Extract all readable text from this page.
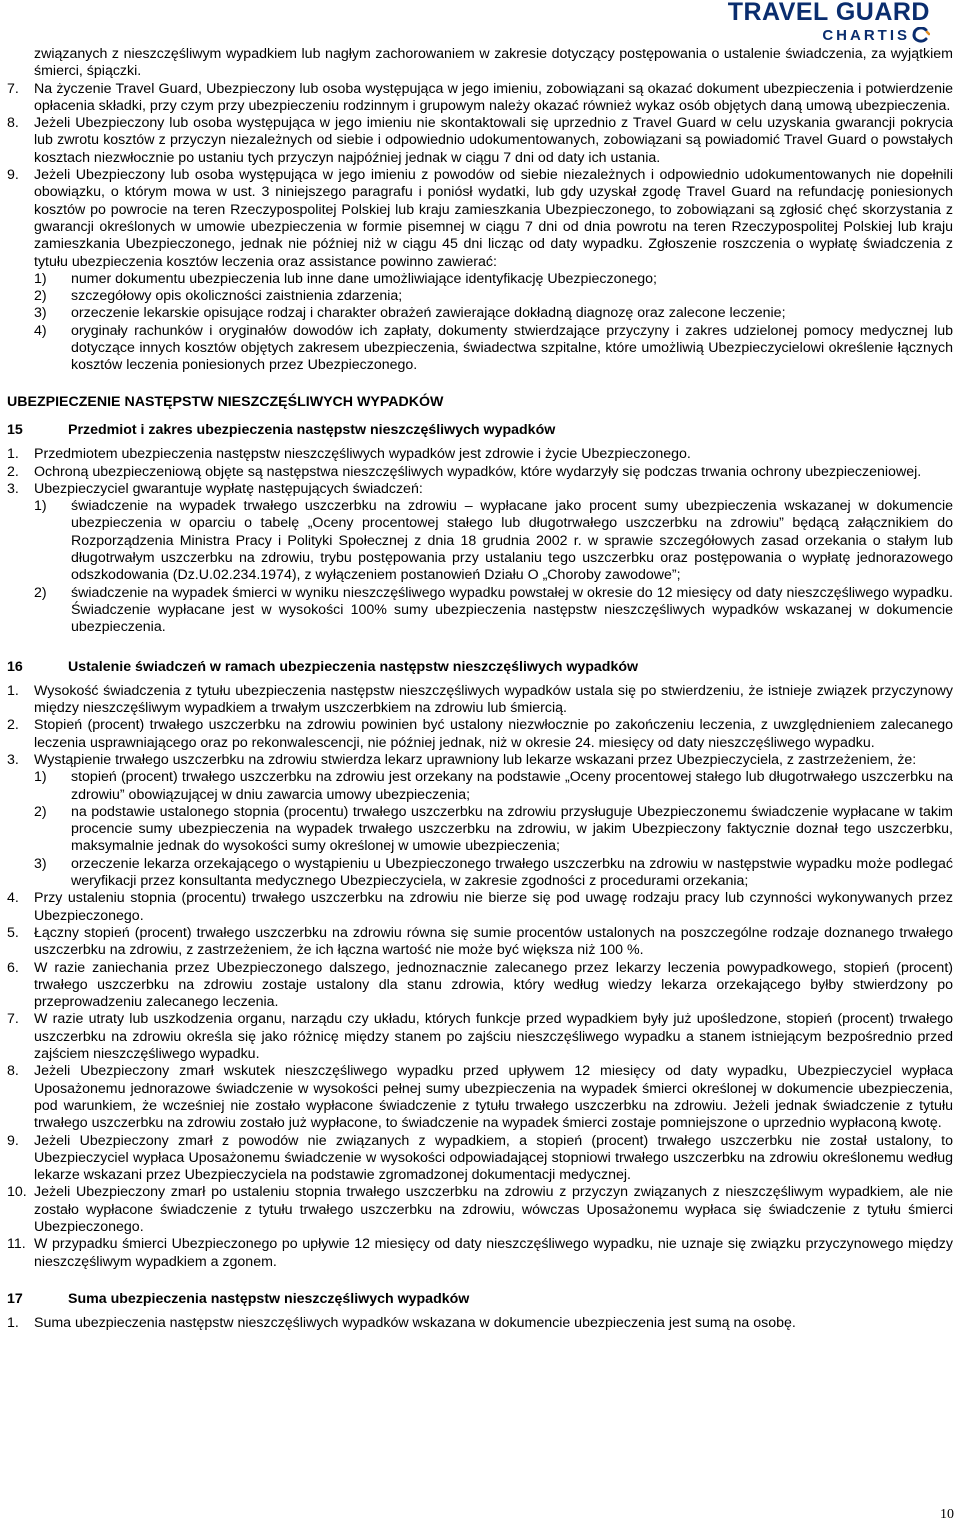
TRAVEL GUARD
CHARTIS
związanych z nieszczęśliwym wypadkiem lub nagłym zachorowaniem w zakresie dotyczący postępowania o ustalenie świadczenia, za wyjątkiem śmierci, śpiączki.
7.	Na życzenie Travel Guard, Ubezpieczony lub osoba występująca w jego imieniu, zobowiązani są okazać dokument ubezpieczenia i potwierdzenie opłacenia składki, przy czym przy ubezpieczeniu rodzinnym i grupowym należy okazać również wykaz osób objętych daną umową ubezpieczenia.
8.	Jeżeli Ubezpieczony lub osoba występująca w jego imieniu nie skontaktowali się uprzednio z Travel Guard w celu uzyskania gwarancji pokrycia lub zwrotu kosztów z przyczyn niezależnych od siebie i odpowiednio udokumentowanych, zobowiązani są powiadomić Travel Guard o powstałych kosztach niezwłocznie po ustaniu tych przyczyn najpóźniej jednak w ciągu 7 dni od daty ich ustania.
9.	Jeżeli Ubezpieczony lub osoba występująca w jego imieniu z powodów od siebie niezależnych i odpowiednio udokumentowanych nie dopełnili obowiązku, o którym mowa w ust. 3 niniejszego paragrafu i poniósł wydatki, lub gdy uzyskał zgodę Travel Guard na refundację poniesionych kosztów po powrocie na teren Rzeczypospolitej Polskiej lub kraju zamieszkania Ubezpieczonego, to zobowiązani są zgłosić chęć skorzystania z gwarancji określonych w umowie ubezpieczenia w formie pisemnej w ciągu 7 dni od dnia powrotu na teren Rzeczypospolitej Polskiej lub kraju zamieszkania Ubezpieczonego, jednak nie później niż w ciągu 45 dni licząc od daty wypadku. Zgłoszenie roszczenia o wypłatę świadczenia z tytułu ubezpieczenia kosztów leczenia oraz assistance powinno zawierać:
1)	numer dokumentu ubezpieczenia lub inne dane umożliwiające identyfikację Ubezpieczonego;
2)	szczegółowy opis okoliczności zaistnienia zdarzenia;
3)	orzeczenie lekarskie opisujące rodzaj i charakter obrażeń zawierające dokładną diagnozę oraz zalecone leczenie;
4)	oryginały rachunków i oryginałów dowodów ich zapłaty, dokumenty stwierdzające przyczyny i zakres udzielonej pomocy medycznej lub dotyczące innych kosztów objętych zakresem ubezpieczenia, świadectwa szpitalne, które umożliwią Ubezpieczycielowi określenie łącznych kosztów leczenia poniesionych przez Ubezpieczonego.
UBEZPIECZENIE NASTĘPSTW NIESZCZĘŚLIWYCH WYPADKÓW
15	Przedmiot i zakres ubezpieczenia następstw nieszczęśliwych wypadków
1.	Przedmiotem ubezpieczenia następstw nieszczęśliwych wypadków jest zdrowie i życie Ubezpieczonego.
2.	Ochroną ubezpieczeniową objęte są następstwa nieszczęśliwych wypadków, które wydarzyły się podczas trwania ochrony ubezpieczeniowej.
3.	Ubezpieczyciel gwarantuje wypłatę następujących świadczeń:
1)	świadczenie na wypadek trwałego uszczerbku na zdrowiu – wypłacane jako procent sumy ubezpieczenia wskazanej w dokumencie ubezpieczenia w oparciu o tabelę „Oceny procentowej stałego lub długotrwałego uszczerbku na zdrowiu” będącą załącznikiem do Rozporządzenia Ministra Pracy i Polityki Społecznej z dnia 18 grudnia 2002 r. w sprawie szczegółowych zasad orzekania o stałym lub długotrwałym uszczerbku na zdrowiu, trybu postępowania przy ustalaniu tego uszczerbku oraz postępowania o wypłatę jednorazowego odszkodowania (Dz.U.02.234.1974), z wyłączeniem postanowień Działu O „Choroby zawodowe”;
2)	świadczenie na wypadek śmierci w wyniku nieszczęśliwego wypadku powstałej w okresie do 12 miesięcy od daty nieszczęśliwego wypadku. Świadczenie wypłacane jest w wysokości 100% sumy ubezpieczenia następstw nieszczęśliwych wypadków wskazanej w dokumencie ubezpieczenia.
16	Ustalenie świadczeń w ramach ubezpieczenia następstw nieszczęśliwych wypadków
1.	Wysokość świadczenia z tytułu ubezpieczenia następstw nieszczęśliwych wypadków ustala się po stwierdzeniu, że istnieje związek przyczynowy między nieszczęśliwym wypadkiem a trwałym uszczerbkiem na zdrowiu lub śmiercią.
2.	Stopień (procent) trwałego uszczerbku na zdrowiu powinien być ustalony niezwłocznie po zakończeniu leczenia, z uwzględnieniem zalecanego leczenia usprawniającego oraz po rekonwalescencji, nie później jednak, niż w okresie 24. miesięcy od daty nieszczęśliwego wypadku.
3.	Wystąpienie trwałego uszczerbku na zdrowiu stwierdza lekarz uprawniony lub lekarze wskazani przez Ubezpieczyciela, z zastrzeżeniem, że:
1)	stopień (procent) trwałego uszczerbku na zdrowiu jest orzekany na podstawie „Oceny procentowej stałego lub długotrwałego uszczerbku na zdrowiu” obowiązującej w dniu zawarcia umowy ubezpieczenia;
2)	na podstawie ustalonego stopnia (procentu) trwałego uszczerbku na zdrowiu przysługuje Ubezpieczonemu świadczenie wypłacane w takim procencie sumy ubezpieczenia na wypadek trwałego uszczerbku na zdrowiu, w jakim Ubezpieczony faktycznie doznał tego uszczerbku, maksymalnie jednak do wysokości sumy określonej w umowie ubezpieczenia;
3)	orzeczenie lekarza orzekającego o wystąpieniu u Ubezpieczonego trwałego uszczerbku na zdrowiu w następstwie wypadku może podlegać weryfikacji przez konsultanta medycznego Ubezpieczyciela, w zakresie zgodności z procedurami orzekania;
4.	Przy ustaleniu stopnia (procentu) trwałego uszczerbku na zdrowiu nie bierze się pod uwagę rodzaju pracy lub czynności wykonywanych przez Ubezpieczonego.
5.	Łączny stopień (procent) trwałego uszczerbku na zdrowiu równa się sumie procentów ustalonych na poszczególne rodzaje doznanego trwałego uszczerbku na zdrowiu, z zastrzeżeniem, że ich łączna wartość nie może być większa niż 100 %.
6.	W razie zaniechania przez Ubezpieczonego dalszego, jednoznacznie zalecanego przez lekarzy leczenia powypadkowego, stopień (procent) trwałego uszczerbku na zdrowiu zostaje ustalony dla stanu zdrowia, który według wiedzy lekarza orzekającego byłby stwierdzony po przeprowadzeniu zalecanego leczenia.
7.	W razie utraty lub uszkodzenia organu, narządu czy układu, których funkcje przed wypadkiem były już upośledzone, stopień (procent) trwałego uszczerbku na zdrowiu określa się jako różnicę między stanem po zajściu nieszczęśliwego wypadku a stanem istniejącym bezpośrednio przed zajściem nieszczęśliwego wypadku.
8.	Jeżeli Ubezpieczony zmarł wskutek nieszczęśliwego wypadku przed upływem 12 miesięcy od daty wypadku, Ubezpieczyciel wypłaca Uposażonemu jednorazowe świadczenie w wysokości pełnej sumy ubezpieczenia na wypadek śmierci określonej w dokumencie ubezpieczenia, pod warunkiem, że wcześniej nie zostało wypłacone świadczenie z tytułu trwałego uszczerbku na zdrowiu. Jeżeli jednak świadczenie z tytułu trwałego uszczerbku na zdrowiu zostało już wypłacone, to świadczenie na wypadek śmierci zostaje pomniejszone o uprzednio wypłaconą kwotę.
9.	Jeżeli Ubezpieczony zmarł z powodów nie związanych z wypadkiem, a stopień (procent) trwałego uszczerbku nie został ustalony, to Ubezpieczyciel wypłaca Uposażonemu świadczenie w wysokości odpowiadającej stopniowi trwałego uszczerbku na zdrowiu określonemu według lekarze wskazani przez Ubezpieczyciela na podstawie zgromadzonej dokumentacji medycznej.
10. Jeżeli Ubezpieczony zmarł po ustaleniu stopnia trwałego uszczerbku na zdrowiu z przyczyn związanych z nieszczęśliwym wypadkiem, ale nie zostało wypłacone świadczenie z tytułu trwałego uszczerbku na zdrowiu, wówczas Uposażonemu wypłaca się świadczenie z tytułu śmierci Ubezpieczonego.
11. W przypadku śmierci Ubezpieczonego po upływie 12 miesięcy od daty nieszczęśliwego wypadku, nie uznaje się związku przyczynowego między nieszczęśliwym wypadkiem a zgonem.
17	Suma ubezpieczenia następstw nieszczęśliwych wypadków
1.	Suma ubezpieczenia następstw nieszczęśliwych wypadków wskazana w dokumencie ubezpieczenia jest sumą na osobę.
10
